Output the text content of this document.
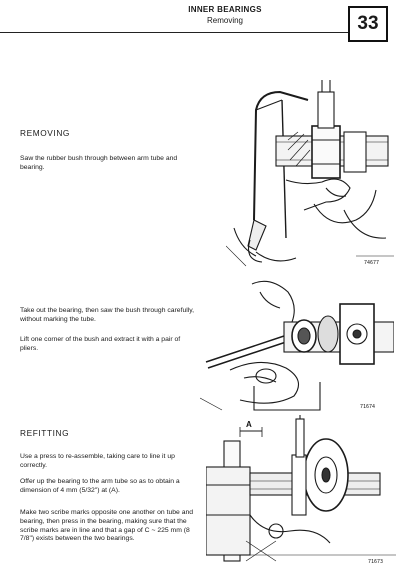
INNER BEARINGS
Removing	33
REMOVING
Saw the rubber bush through between arm tube and bearing.
74677
Take out the bearing, then saw the bush through carefully, without marking the tube.
Lift one corner of the bush and extract it with a pair of pliers.
71674
REFITTING
Use a press to re-assemble, taking care to line it up correctly.
Offer up the bearing to the arm tube so as to obtain a dimension of 4 mm (5/32") at (A).
Make two scribe marks opposite one another on tube and bearing, then press in the bearing, making sure that the scribe marks are in line and that a gap of C ~ 225 mm (8 7/8") exists between the two bearings.
A
71673
